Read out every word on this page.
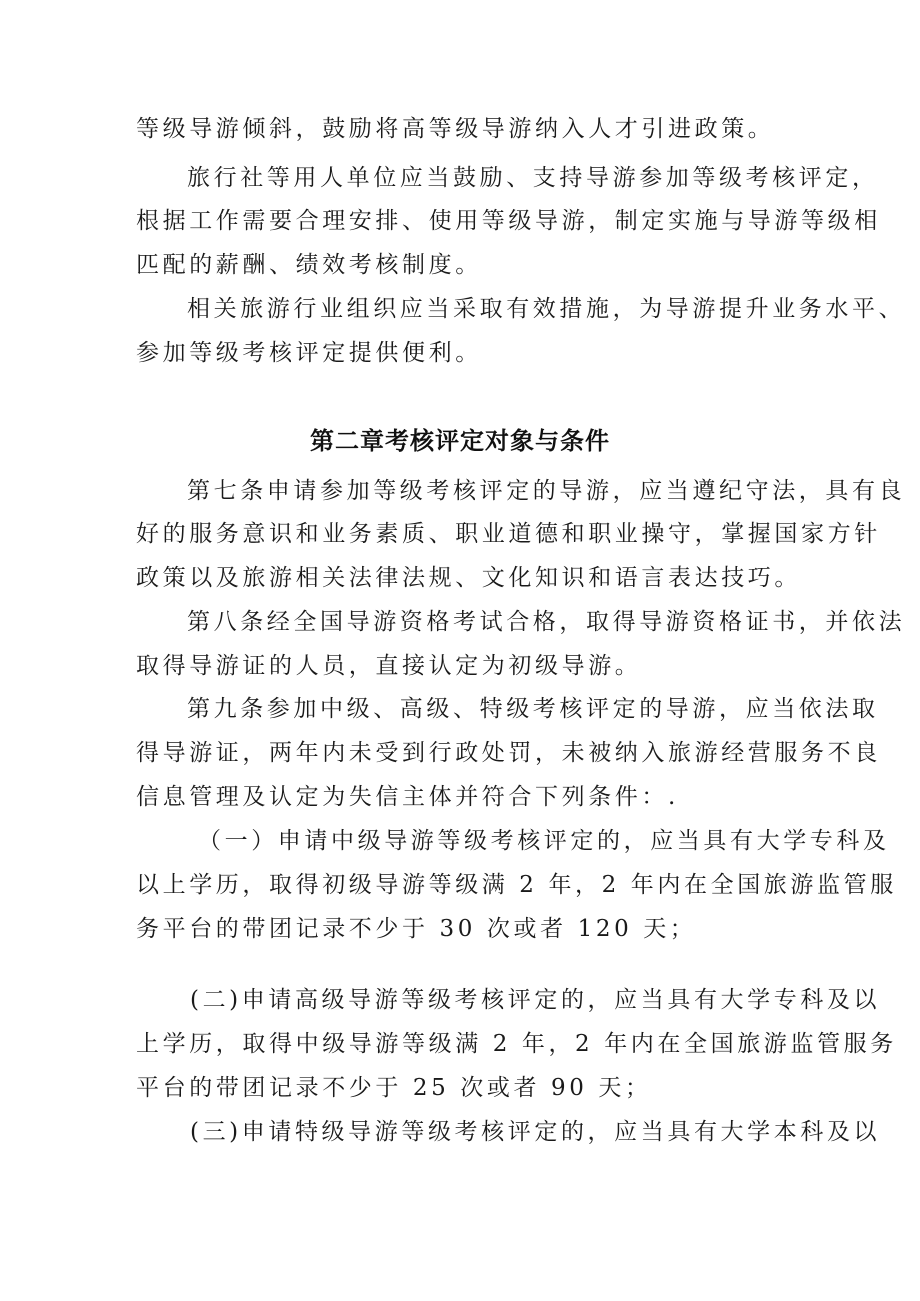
等级导游倾斜，鼓励将高等级导游纳入人才引进政策。
旅行社等用人单位应当鼓励、支持导游参加等级考核评定，
根据工作需要合理安排、使用等级导游，制定实施与导游等级相
匹配的薪酬、绩效考核制度。
相关旅游行业组织应当采取有效措施，为导游提升业务水平、
参加等级考核评定提供便利。
第二章考核评定对象与条件
第七条申请参加等级考核评定的导游，应当遵纪守法，具有良
好的服务意识和业务素质、职业道德和职业操守，掌握国家方针
政策以及旅游相关法律法规、文化知识和语言表达技巧。
第八条经全国导游资格考试合格，取得导游资格证书，并依法
取得导游证的人员，直接认定为初级导游。
第九条参加中级、高级、特级考核评定的导游，应当依法取
得导游证，两年内未受到行政处罚，未被纳入旅游经营服务不良
信息管理及认定为失信主体并符合下列条件：.
（一）申请中级导游等级考核评定的，应当具有大学专科及
以上学历，取得初级导游等级满 2 年，2 年内在全国旅游监管服
务平台的带团记录不少于 30 次或者 120 天；
(二)申请高级导游等级考核评定的，应当具有大学专科及以
上学历，取得中级导游等级满 2 年，2 年内在全国旅游监管服务
平台的带团记录不少于 25 次或者 90 天；
(三)申请特级导游等级考核评定的，应当具有大学本科及以
